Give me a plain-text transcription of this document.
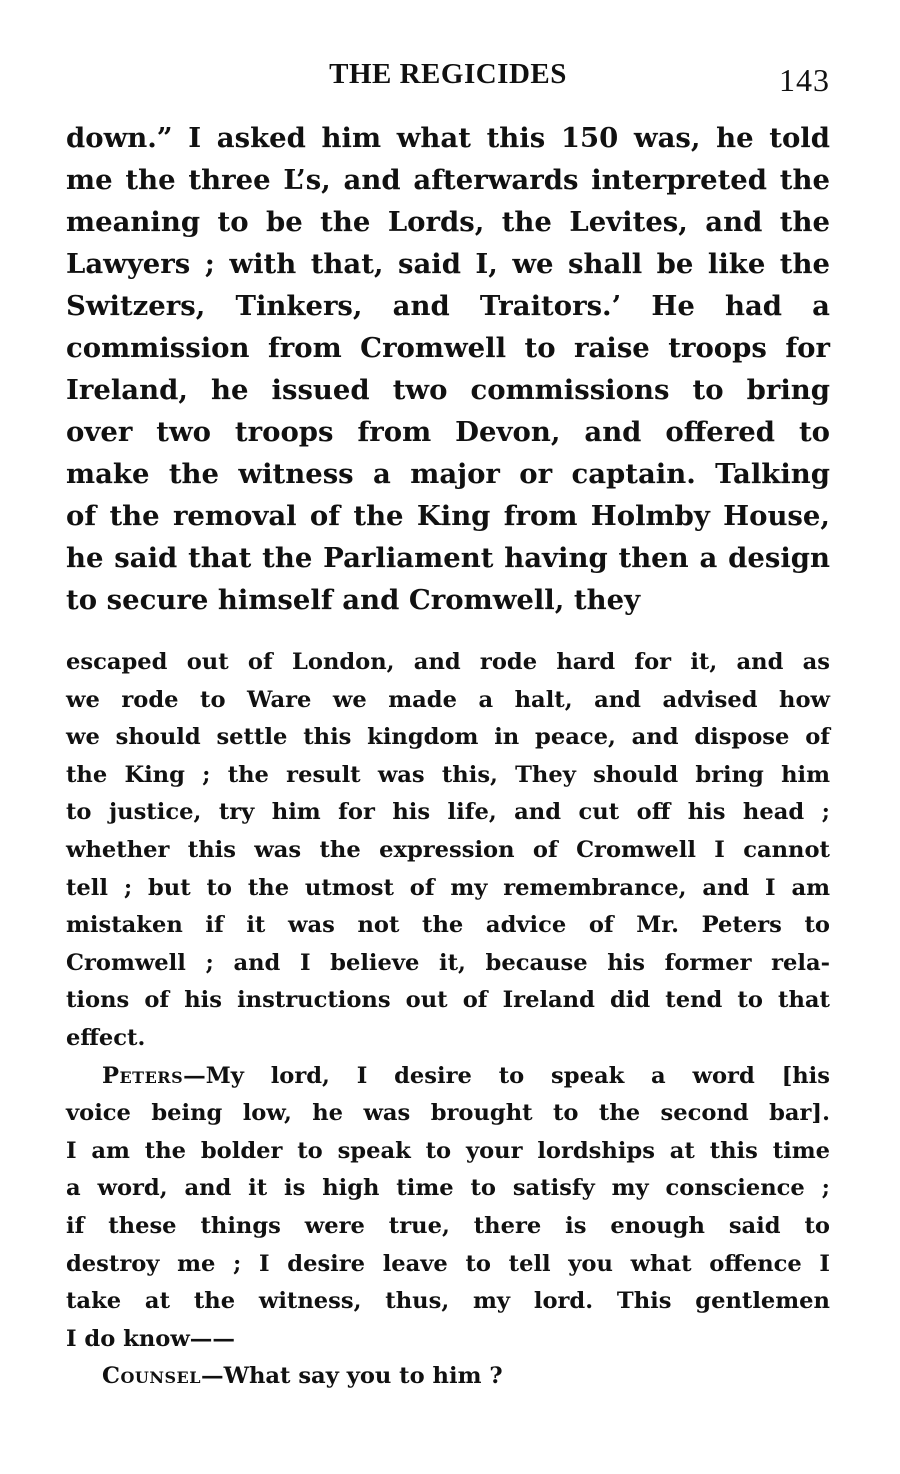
THE REGICIDES	143
down.” I asked him what this 150 was, he told
me the three L’s, and afterwards interpreted the
meaning to be the Lords, the Levites, and the
Lawyers ; with that, said I, we shall be like the
Switzers, Tinkers, and Traitors.’ He had a
commission from Cromwell to raise troops for
Ireland, he issued two commissions to bring
over two troops from Devon, and offered to
make the witness a major or captain. Talking
of the removal of the King from Holmby House,
he said that the Parliament having then a design
to secure himself and Cromwell, they
escaped out of London, and rode hard for it, and as
we rode to Ware we made a halt, and advised how
we should settle this kingdom in peace, and dispose of
the King ; the result was this, They should bring him
to justice, try him for his life, and cut off his head ;
whether this was the expression of Cromwell I cannot
tell ; but to the utmost of my remembrance, and I am
mistaken if it was not the advice of Mr. Peters to
Cromwell ; and I believe it, because his former rela-
tions of his instructions out of Ireland did tend to that
effect.
Peters—My lord, I desire to speak a word [his
voice being low, he was brought to the second bar].
I am the bolder to speak to your lordships at this time
a word, and it is high time to satisfy my conscience ;
if these things were true, there is enough said to
destroy me ; I desire leave to tell you what offence I
take at the witness, thus, my lord. This gentlemen
I do know——
Counsel—What say you to him ?
